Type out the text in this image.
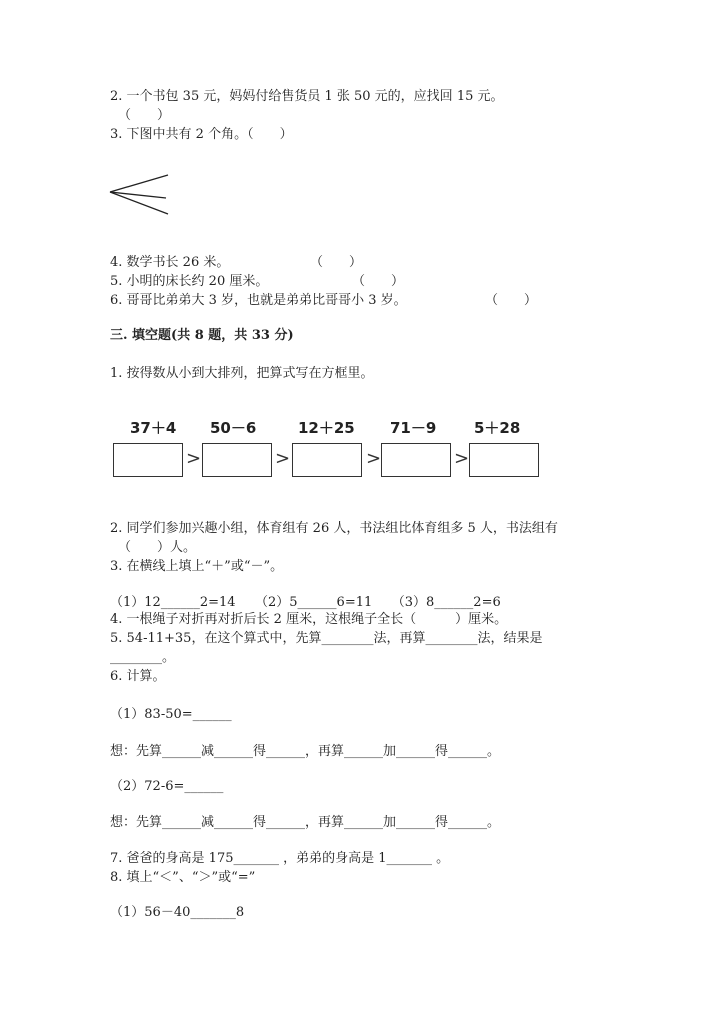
2. 一个书包 35 元，妈妈付给售货员 1 张 50 元的，应找回 15 元。
（　　）
3. 下图中共有 2 个角。（　　）
4. 数学书长 26 米。	（　　）
5. 小明的床长约 20 厘米。	（　　）
6. 哥哥比弟弟大 3 岁，也就是弟弟比哥哥小 3 岁。	（　　）
三. 填空题(共 8 题，共 33 分)
1. 按得数从小到大排列，把算式写在方框里。
37＋4 50－6	12＋25 71－9	5＋28
>	>	>	>
2. 同学们参加兴趣小组，体育组有 26 人，书法组比体育组多 5 人，书法组有
（　　）人。
3. 在横线上填上“＋”或“－”。
（1）12______2=14　　（2）5______6=11　　（3）8______2=6
4. 一根绳子对折再对折后长 2 厘米，这根绳子全长（　　　）厘米。
5. 54-11+35，在这个算式中，先算________法，再算________法，结果是
________。
6. 计算。
（1）83-50=______
想：先算______减______得______，再算______加______得______。
（2）72-6=______
想：先算______减______得______，再算______加______得______。
7. 爸爸的身高是 175_______ ，弟弟的身高是 1_______ 。
8. 填上“＜”、“＞”或“=”
（1）56－40_______8
